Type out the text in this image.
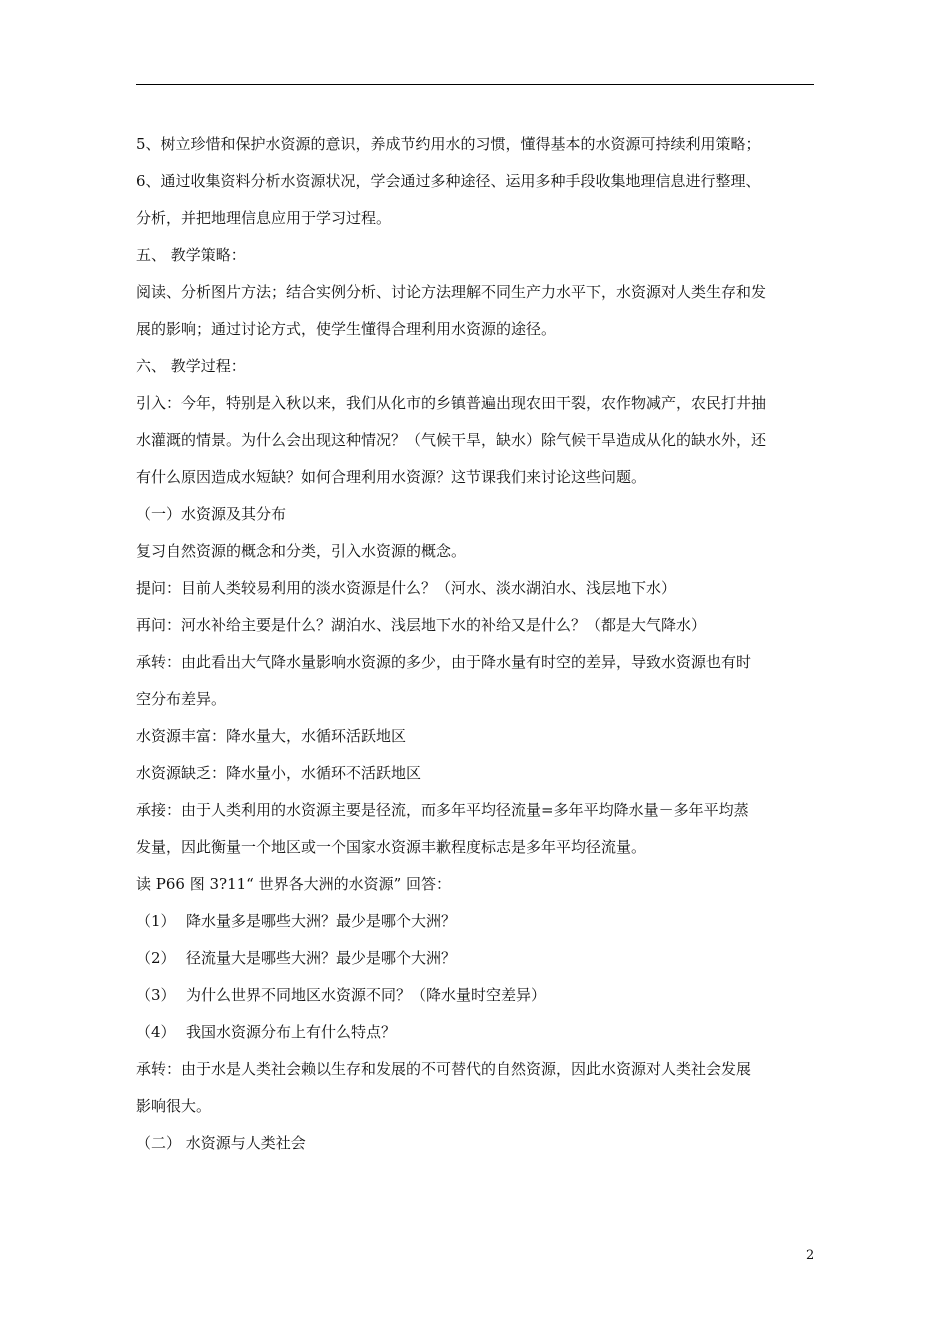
5、树立珍惜和保护水资源的意识，养成节约用水的习惯，懂得基本的水资源可持续利用策略；

6、通过收集资料分析水资源状况，学会通过多种途径、运用多种手段收集地理信息进行整理、

分析，并把地理信息应用于学习过程。

五、 教学策略：

阅读、分析图片方法；结合实例分析、讨论方法理解不同生产力水平下，水资源对人类生存和发

展的影响；通过讨论方式，使学生懂得合理利用水资源的途径。

六、 教学过程：

引入：今年，特别是入秋以来，我们从化市的乡镇普遍出现农田干裂，农作物减产，农民打井抽

水灌溉的情景。为什么会出现这种情况？（气候干旱，缺水）除气候干旱造成从化的缺水外，还

有什么原因造成水短缺？如何合理利用水资源？这节课我们来讨论这些问题。

（一）水资源及其分布

复习自然资源的概念和分类，引入水资源的概念。

提问：目前人类较易利用的淡水资源是什么？（河水、淡水湖泊水、浅层地下水）

再问：河水补给主要是什么？湖泊水、浅层地下水的补给又是什么？（都是大气降水）

承转：由此看出大气降水量影响水资源的多少，由于降水量有时空的差异，导致水资源也有时

空分布差异。

水资源丰富：降水量大，水循环活跃地区

水资源缺乏：降水量小，水循环不活跃地区

承接：由于人类利用的水资源主要是径流，而多年平均径流量=多年平均降水量－多年平均蒸

发量，因此衡量一个地区或一个国家水资源丰歉程度标志是多年平均径流量。

读 P66 图 3?11“ 世界各大洲的水资源” 回答：

（1） 降水量多是哪些大洲？最少是哪个大洲？

（2） 径流量大是哪些大洲？最少是哪个大洲？

（3） 为什么世界不同地区水资源不同？（降水量时空差异）

（4） 我国水资源分布上有什么特点？

承转：由于水是人类社会赖以生存和发展的不可替代的自然资源，因此水资源对人类社会发展

影响很大。

（二） 水资源与人类社会

2
